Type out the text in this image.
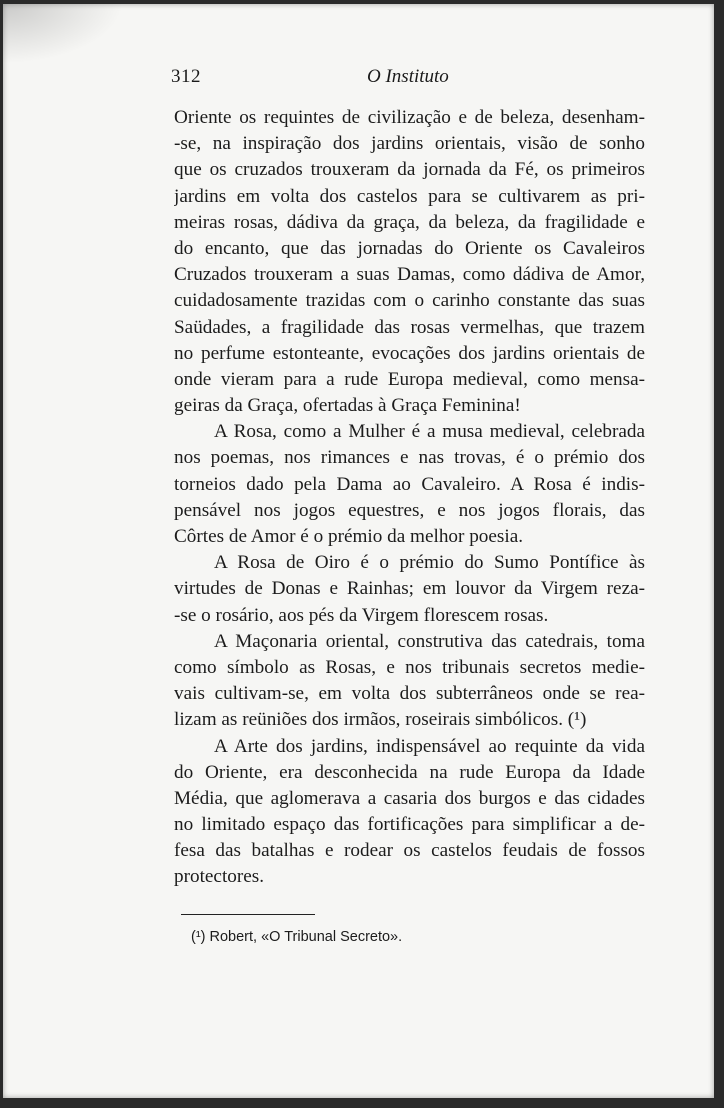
312	O Instituto
Oriente os requintes de civilização e de beleza, desenham-
-se, na inspiração dos jardins orientais, visão de sonho
que os cruzados trouxeram da jornada da Fé, os primeiros
jardins em volta dos castelos para se cultivarem as pri-
meiras rosas, dádiva da graça, da beleza, da fragilidade e
do encanto, que das jornadas do Oriente os Cavaleiros
Cruzados trouxeram a suas Damas, como dádiva de Amor,
cuidadosamente trazidas com o carinho constante das suas
Saüdades, a fragilidade das rosas vermelhas, que trazem
no perfume estonteante, evocações dos jardins orientais de
onde vieram para a rude Europa medieval, como mensa-
geiras da Graça, ofertadas à Graça Feminina!
A Rosa, como a Mulher é a musa medieval, celebrada
nos poemas, nos rimances e nas trovas, é o prémio dos
torneios dado pela Dama ao Cavaleiro. A Rosa é indis-
pensável nos jogos equestres, e nos jogos florais, das
Côrtes de Amor é o prémio da melhor poesia.
A Rosa de Oiro é o prémio do Sumo Pontífice às
virtudes de Donas e Rainhas; em louvor da Virgem reza-
-se o rosário, aos pés da Virgem florescem rosas.
A Maçonaria oriental, construtiva das catedrais, toma
como símbolo as Rosas, e nos tribunais secretos medie-
vais cultivam-se, em volta dos subterrâneos onde se rea-
lizam as reüniões dos irmãos, roseirais simbólicos. (¹)
A Arte dos jardins, indispensável ao requinte da vida
do Oriente, era desconhecida na rude Europa da Idade
Média, que aglomerava a casaria dos burgos e das cidades
no limitado espaço das fortificações para simplificar a de-
fesa das batalhas e rodear os castelos feudais de fossos
protectores.
(¹) Robert, «O Tribunal Secreto».
